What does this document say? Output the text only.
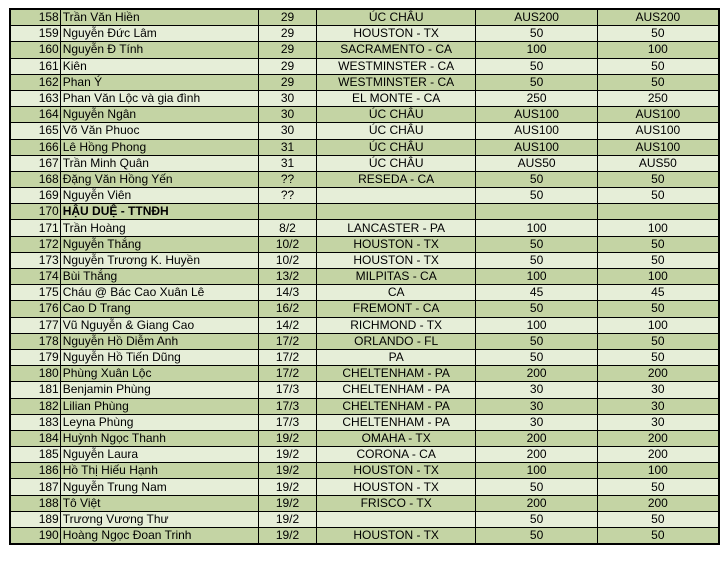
158	Trần Văn Hiền	29	ÚC CHÂU	AUS200	AUS200
159	Nguyễn Đức Lâm	29	HOUSTON - TX	50	50
160	Nguyễn Đ Tính	29	SACRAMENTO - CA	100	100
161	Kiên	29	WESTMINSTER - CA	50	50
162	Phan Ý	29	WESTMINSTER - CA	50	50
163	Phan Văn Lộc và gia đình	30	EL MONTE - CA	250	250
164	Nguyễn Ngân	30	ÚC CHÂU	AUS100	AUS100
165	Võ Văn Phuoc	30	ÚC CHÂU	AUS100	AUS100
166	Lê Hồng Phong	31	ÚC CHÂU	AUS100	AUS100
167	Trần Minh Quân	31	ÚC CHÂU	AUS50	AUS50
168	Đặng Văn Hồng Yến	??	RESEDA - CA	50	50
169	Nguyễn Viên	??		50	50
170	HẬU DUỆ - TTNĐH				
171	Trần Hoàng	8/2	LANCASTER - PA	100	100
172	Nguyễn Thắng	10/2	HOUSTON - TX	50	50
173	Nguyễn Trương K. Huyền	10/2	HOUSTON - TX	50	50
174	Bùi Thắng	13/2	MILPITAS - CA	100	100
175	Cháu @ Bác Cao Xuân Lê	14/3	CA	45	45
176	Cao D Trang	16/2	FREMONT - CA	50	50
177	Vũ Nguyễn & Giang Cao	14/2	RICHMOND - TX	100	100
178	Nguyễn Hồ Diễm Anh	17/2	ORLANDO - FL	50	50
179	Nguyễn Hồ Tiến Dũng	17/2	PA	50	50
180	Phùng Xuân Lộc	17/2	CHELTENHAM - PA	200	200
181	Benjamin Phùng	17/3	CHELTENHAM - PA	30	30
182	Lilian Phùng	17/3	CHELTENHAM - PA	30	30
183	Leyna Phùng	17/3	CHELTENHAM - PA	30	30
184	Huỳnh Ngọc Thanh	19/2	OMAHA - TX	200	200
185	Nguyễn Laura	19/2	CORONA - CA	200	200
186	Hồ Thị Hiếu Hạnh	19/2	HOUSTON - TX	100	100
187	Nguyễn Trung Nam	19/2	HOUSTON - TX	50	50
188	Tô Việt	19/2	FRISCO - TX	200	200
189	Trương Vương Thư	19/2		50	50
190	Hoàng Ngọc Đoan Trinh	19/2	HOUSTON - TX	50	50
